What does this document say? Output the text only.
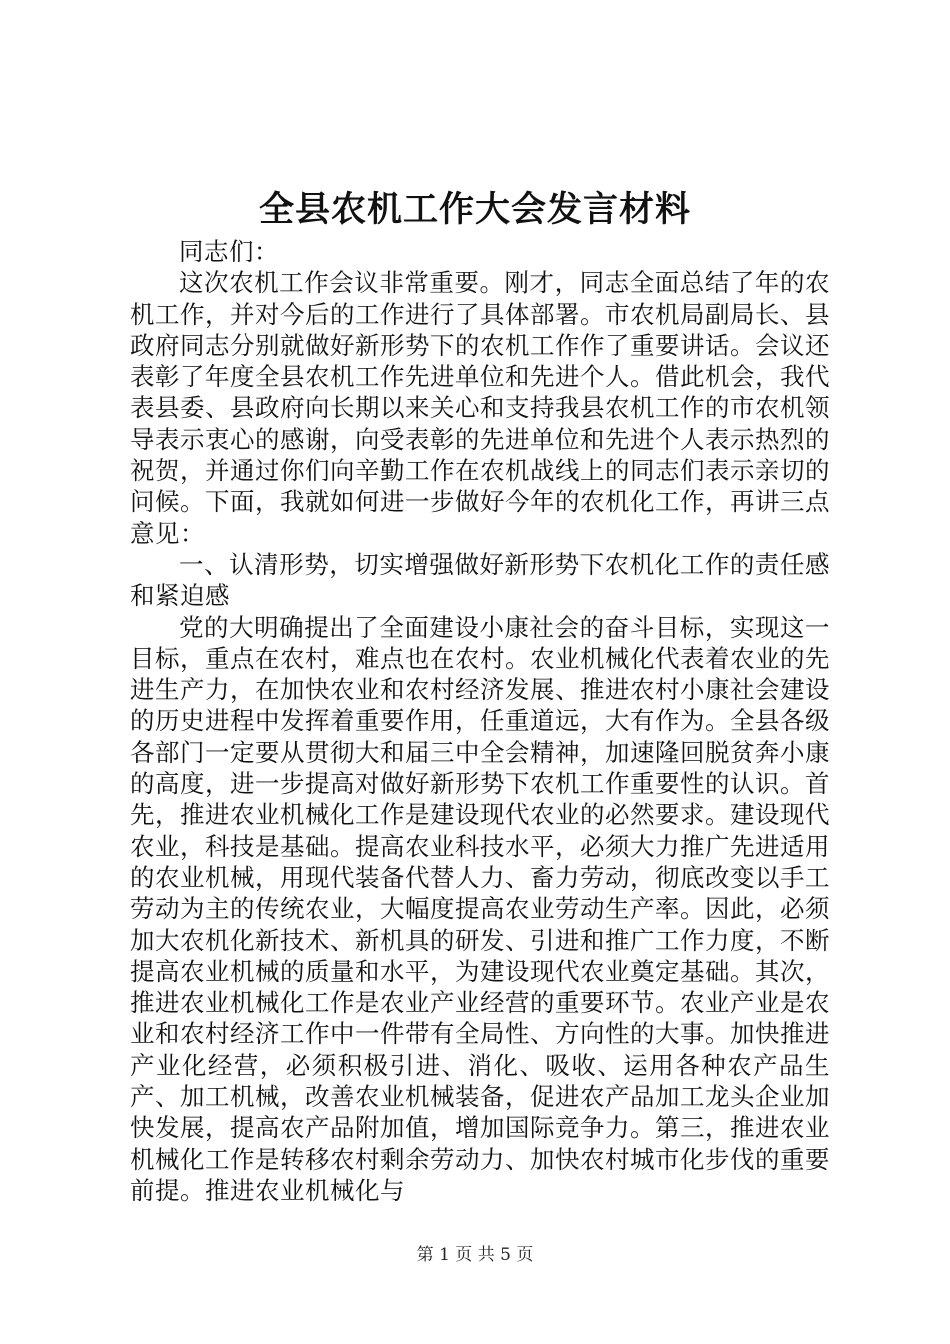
全县农机工作大会发言材料

同志们：

这次农机工作会议非常重要。刚才，同志全面总结了年的农机工作，并对今后的工作进行了具体部署。市农机局副局长、县政府同志分别就做好新形势下的农机工作作了重要讲话。会议还表彰了年度全县农机工作先进单位和先进个人。借此机会，我代表县委、县政府向长期以来关心和支持我县农机工作的市农机领导表示衷心的感谢，向受表彰的先进单位和先进个人表示热烈的祝贺，并通过你们向辛勤工作在农机战线上的同志们表示亲切的问候。下面，我就如何进一步做好今年的农机化工作，再讲三点意见：

一、认清形势，切实增强做好新形势下农机化工作的责任感和紧迫感

党的大明确提出了全面建设小康社会的奋斗目标，实现这一目标，重点在农村，难点也在农村。农业机械化代表着农业的先进生产力，在加快农业和农村经济发展、推进农村小康社会建设的历史进程中发挥着重要作用，任重道远，大有作为。全县各级各部门一定要从贯彻大和届三中全会精神，加速隆回脱贫奔小康的高度，进一步提高对做好新形势下农机工作重要性的认识。首先，推进农业机械化工作是建设现代农业的必然要求。建设现代农业，科技是基础。提高农业科技水平，必须大力推广先进适用的农业机械，用现代装备代替人力、畜力劳动，彻底改变以手工劳动为主的传统农业，大幅度提高农业劳动生产率。因此，必须加大农机化新技术、新机具的研发、引进和推广工作力度，不断提高农业机械的质量和水平，为建设现代农业奠定基础。其次，推进农业机械化工作是农业产业经营的重要环节。农业产业是农业和农村经济工作中一件带有全局性、方向性的大事。加快推进产业化经营，必须积极引进、消化、吸收、运用各种农产品生产、加工机械，改善农业机械装备，促进农产品加工龙头企业加快发展，提高农产品附加值，增加国际竞争力。第三，推进农业机械化工作是转移农村剩余劳动力、加快农村城市化步伐的重要前提。推进农业机械化与

第 1 页 共 5 页
